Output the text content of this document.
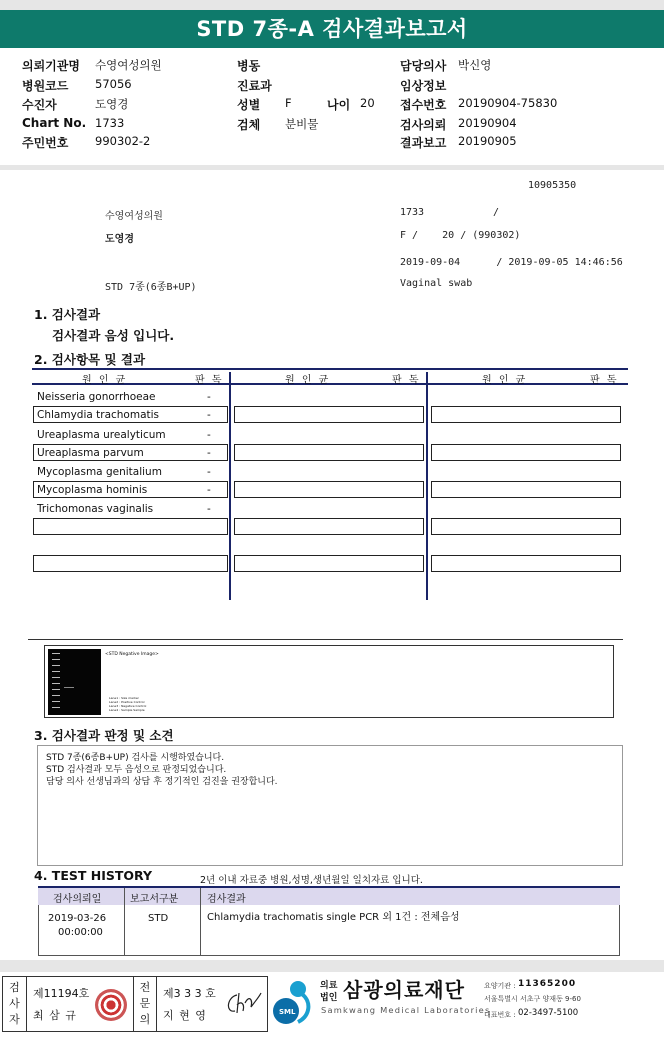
STD 7종-A 검사결과보고서
의뢰기관명 수영여성의원	병동	담당의사 박신영
병원코드 57056	진료과	임상정보
수진자	도영경	성별 F	나이 20 접수번호 20190904-75830
Chart No. 1733	검체 분비물	검사의뢰 20190904
주민번호 990302-2	결과보고 20190905
10905350
수영여성의원	1733	/
도영경	F /    20 / (990302)
2019-09-04      / 2019-09-05 14:46:56
STD 7종(6종B+UP)	Vaginal swab
1. 검사결과
검사결과 음성 입니다.
2. 검사항목 및 결과
원 인 균	판 독	원 인 균	판 독	원 인 균	판 독
Neisseria gonorrhoeae	-
Chlamydia trachomatis	-
Ureaplasma urealyticum	-
Ureaplasma parvum	-
Mycoplasma genitalium	-
Mycoplasma hominis	-
Trichomonas vaginalis	-
<STD Negative Image>
Lane1 : Size marker
Lane2 : Positive Control
Lane3 : Negative Control
Lane4 : Sample Sample
3. 검사결과 판정 및 소견
STD 7종(6종B+UP) 검사를 시행하였습니다.
STD 검사결과 모두 음성으로 판정되었습니다.
담당 의사 선생님과의 상담 후 정기적인 검진을 권장합니다.
4. TEST HISTORY	2년 이내 자료중 병원,성명,생년월일 일치자료 입니다.
검사의뢰일	보고서구분	검사결과
2019-03-26
00:00:00
STD	Chlamydia trachomatis single PCR 외 1건 : 전체음성
검
사
자
제11194호
최 삼 규
전
문
의
제3 3 3 호
지 현 영	SML
의료
법인 삼광의료재단
Samkwang Medical Laboratories
요양기관 : 11365200
서울특별시 서초구 양재동 9-60
대표번호 : 02-3497-5100
